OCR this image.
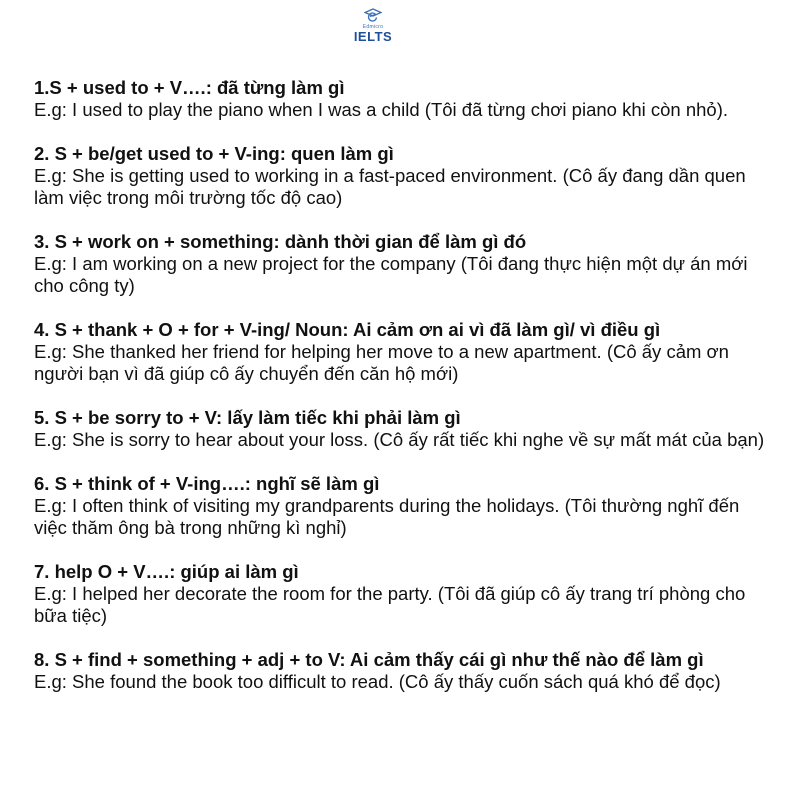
Edmicro
IELTS

1.S + used to + V….: đã từng làm gì

E.g: I used to play the piano when I was a child (Tôi đã từng chơi piano khi còn nhỏ).

2. S + be/get used to + V-ing: quen làm gì

E.g: She is getting used to working in a fast-paced environment. (Cô ấy đang dần quen làm việc trong môi trường tốc độ cao)

3. S + work on + something: dành thời gian để làm gì đó

E.g: I am working on a new project for the company (Tôi đang thực hiện một dự án mới cho công ty)

4. S + thank + O + for + V-ing/ Noun: Ai cảm ơn ai vì đã làm gì/ vì điều gì

E.g: She thanked her friend for helping her move to a new apartment. (Cô ấy cảm ơn người bạn vì đã giúp cô ấy chuyển đến căn hộ mới)

5. S + be sorry to + V: lấy làm tiếc khi phải làm gì

E.g: She is sorry to hear about your loss. (Cô ấy rất tiếc khi nghe về sự mất mát của bạn)

6. S + think of + V-ing….: nghĩ sẽ làm gì

E.g: I often think of visiting my grandparents during the holidays. (Tôi thường nghĩ đến việc thăm ông bà trong những kì nghỉ)

7. help O + V….: giúp ai làm gì

E.g: I helped her decorate the room for the party. (Tôi đã giúp cô ấy trang trí phòng cho bữa tiệc)

8. S + find + something + adj + to V: Ai cảm thấy cái gì như thế nào để làm gì

E.g: She found the book too difficult to read. (Cô ấy thấy cuốn sách quá khó để đọc)
